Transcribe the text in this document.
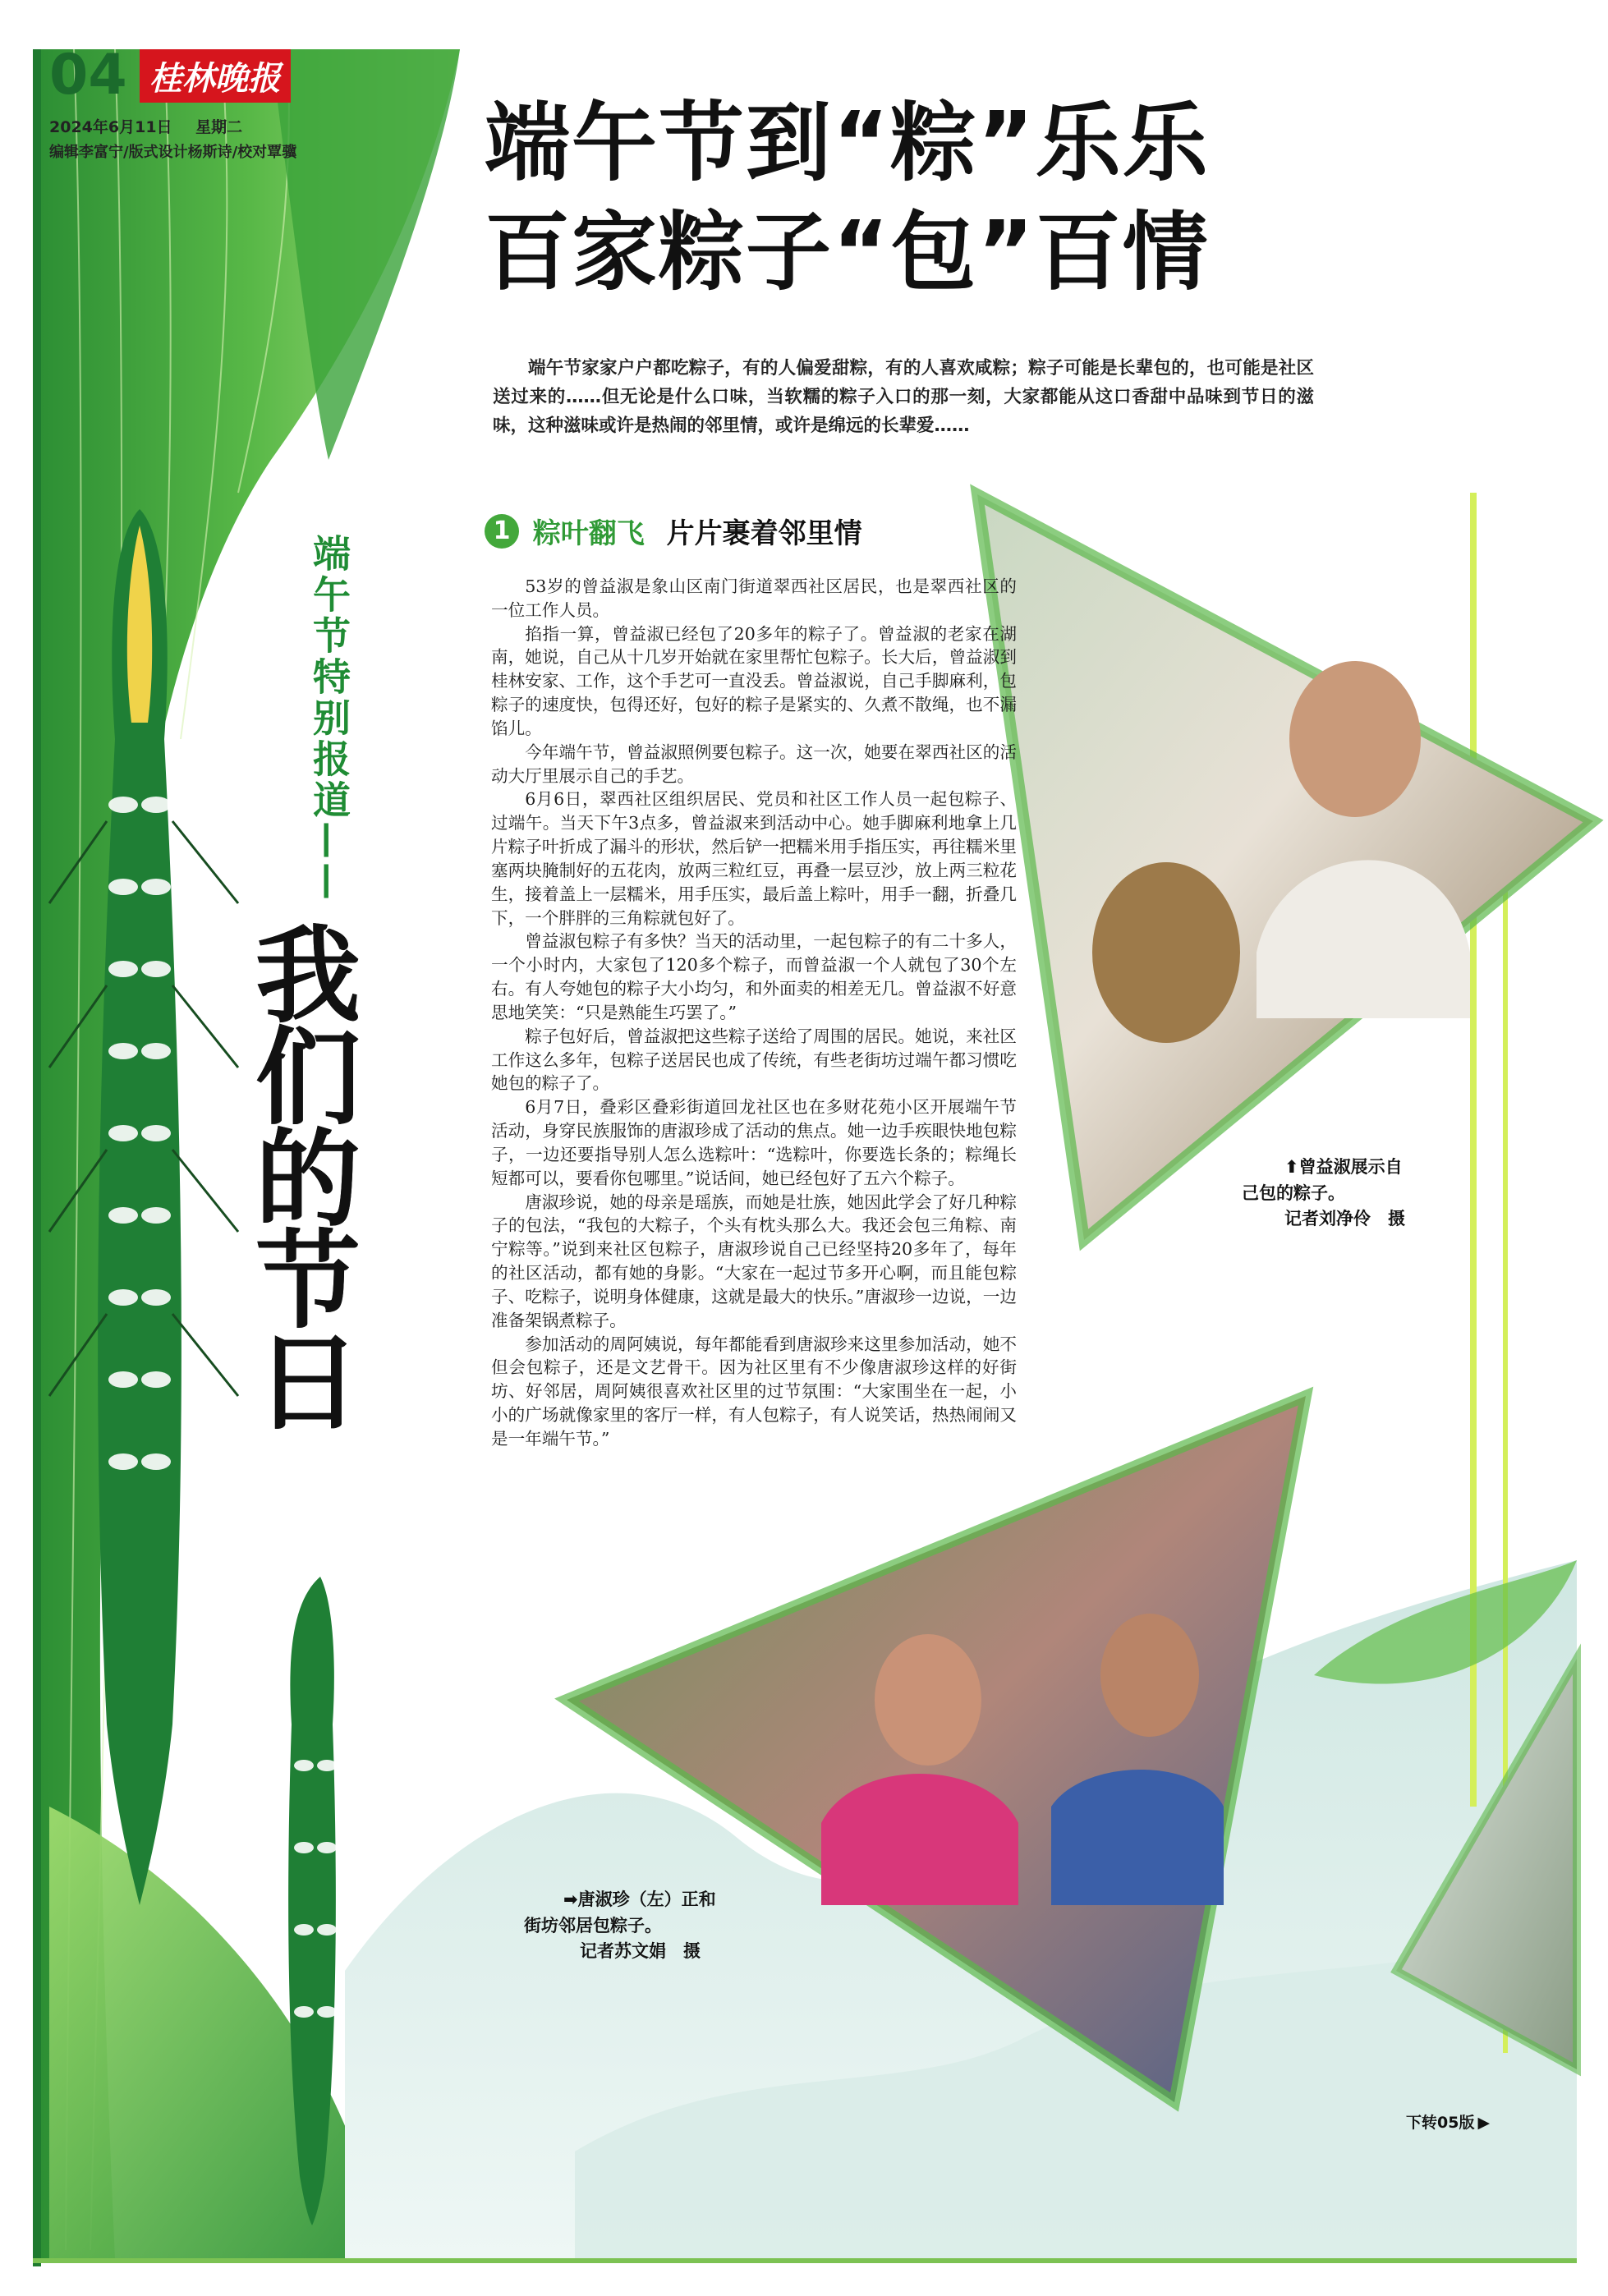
04 桂林晚报
2024年6月11日 星期二
编辑李富宁/版式设计杨斯诗/校对覃骥	端午节到“粽”乐乐
百家粽子“包”百情
端午节家家户户都吃粽子，有的人偏爱甜粽，有的人喜欢咸粽；粽子可能是长辈包的，也可能是社区送过来的……但无论是什么口味，当软糯的粽子入口的那一刻，大家都能从这口香甜中品味到节日的滋味，这种滋味或许是热闹的邻里情，或许是绵远的长辈爱……
1 粽叶翻飞 片片裹着邻里情

53岁的曾益淑是象山区南门街道翠西社区居民，也是翠西社区的一位工作人员。

掐指一算，曾益淑已经包了20多年的粽子了。曾益淑的老家在湖南，她说，自己从十几岁开始就在家里帮忙包粽子。长大后，曾益淑到桂林安家、工作，这个手艺可一直没丢。曾益淑说，自己手脚麻利，包粽子的速度快，包得还好，包好的粽子是紧实的、久煮不散绳，也不漏馅儿。

今年端午节，曾益淑照例要包粽子。这一次，她要在翠西社区的活动大厅里展示自己的手艺。

6月6日，翠西社区组织居民、党员和社区工作人员一起包粽子、过端午。当天下午3点多，曾益淑来到活动中心。她手脚麻利地拿上几片粽子叶折成了漏斗的形状，然后铲一把糯米用手指压实，再往糯米里塞两块腌制好的五花肉，放两三粒红豆，再叠一层豆沙，放上两三粒花生，接着盖上一层糯米，用手压实，最后盖上粽叶，用手一翻，折叠几下，一个胖胖的三角粽就包好了。

曾益淑包粽子有多快？当天的活动里，一起包粽子的有二十多人，一个小时内，大家包了120多个粽子，而曾益淑一个人就包了30个左右。有人夸她包的粽子大小均匀，和外面卖的相差无几。曾益淑不好意思地笑笑：“只是熟能生巧罢了。”

粽子包好后，曾益淑把这些粽子送给了周围的居民。她说，来社区工作这么多年，包粽子送居民也成了传统，有些老街坊过端午都习惯吃她包的粽子了。

6月7日，叠彩区叠彩街道回龙社区也在多财花苑小区开展端午节活动，身穿民族服饰的唐淑珍成了活动的焦点。她一边手疾眼快地包粽子，一边还要指导别人怎么选粽叶：“选粽叶，你要选长条的；粽绳长短都可以，要看你包哪里。”说话间，她已经包好了五六个粽子。

唐淑珍说，她的母亲是瑶族，而她是壮族，她因此学会了好几种粽子的包法，“我包的大粽子，个头有枕头那么大。我还会包三角粽、南宁粽等。”说到来社区包粽子，唐淑珍说自己已经坚持20多年了，每年的社区活动，都有她的身影。“大家在一起过节多开心啊，而且能包粽子、吃粽子，说明身体健康，这就是最大的快乐。”唐淑珍一边说，一边准备架锅煮粽子。

参加活动的周阿姨说，每年都能看到唐淑珍来这里参加活动，她不但会包粽子，还是文艺骨干。因为社区里有不少像唐淑珍这样的好街坊、好邻居，周阿姨很喜欢社区里的过节氛围：“大家围坐在一起，小小的广场就像家里的客厅一样，有人包粽子，有人说笑话，热热闹闹又是一年端午节。”

⬆曾益淑展示自
己包的粽子。
记者刘净伶　摄
➡唐淑珍（左）正和
街坊邻居包粽子。
记者苏文娟　摄
端午节特别报道——
我们的节日
下转05版 ▶
